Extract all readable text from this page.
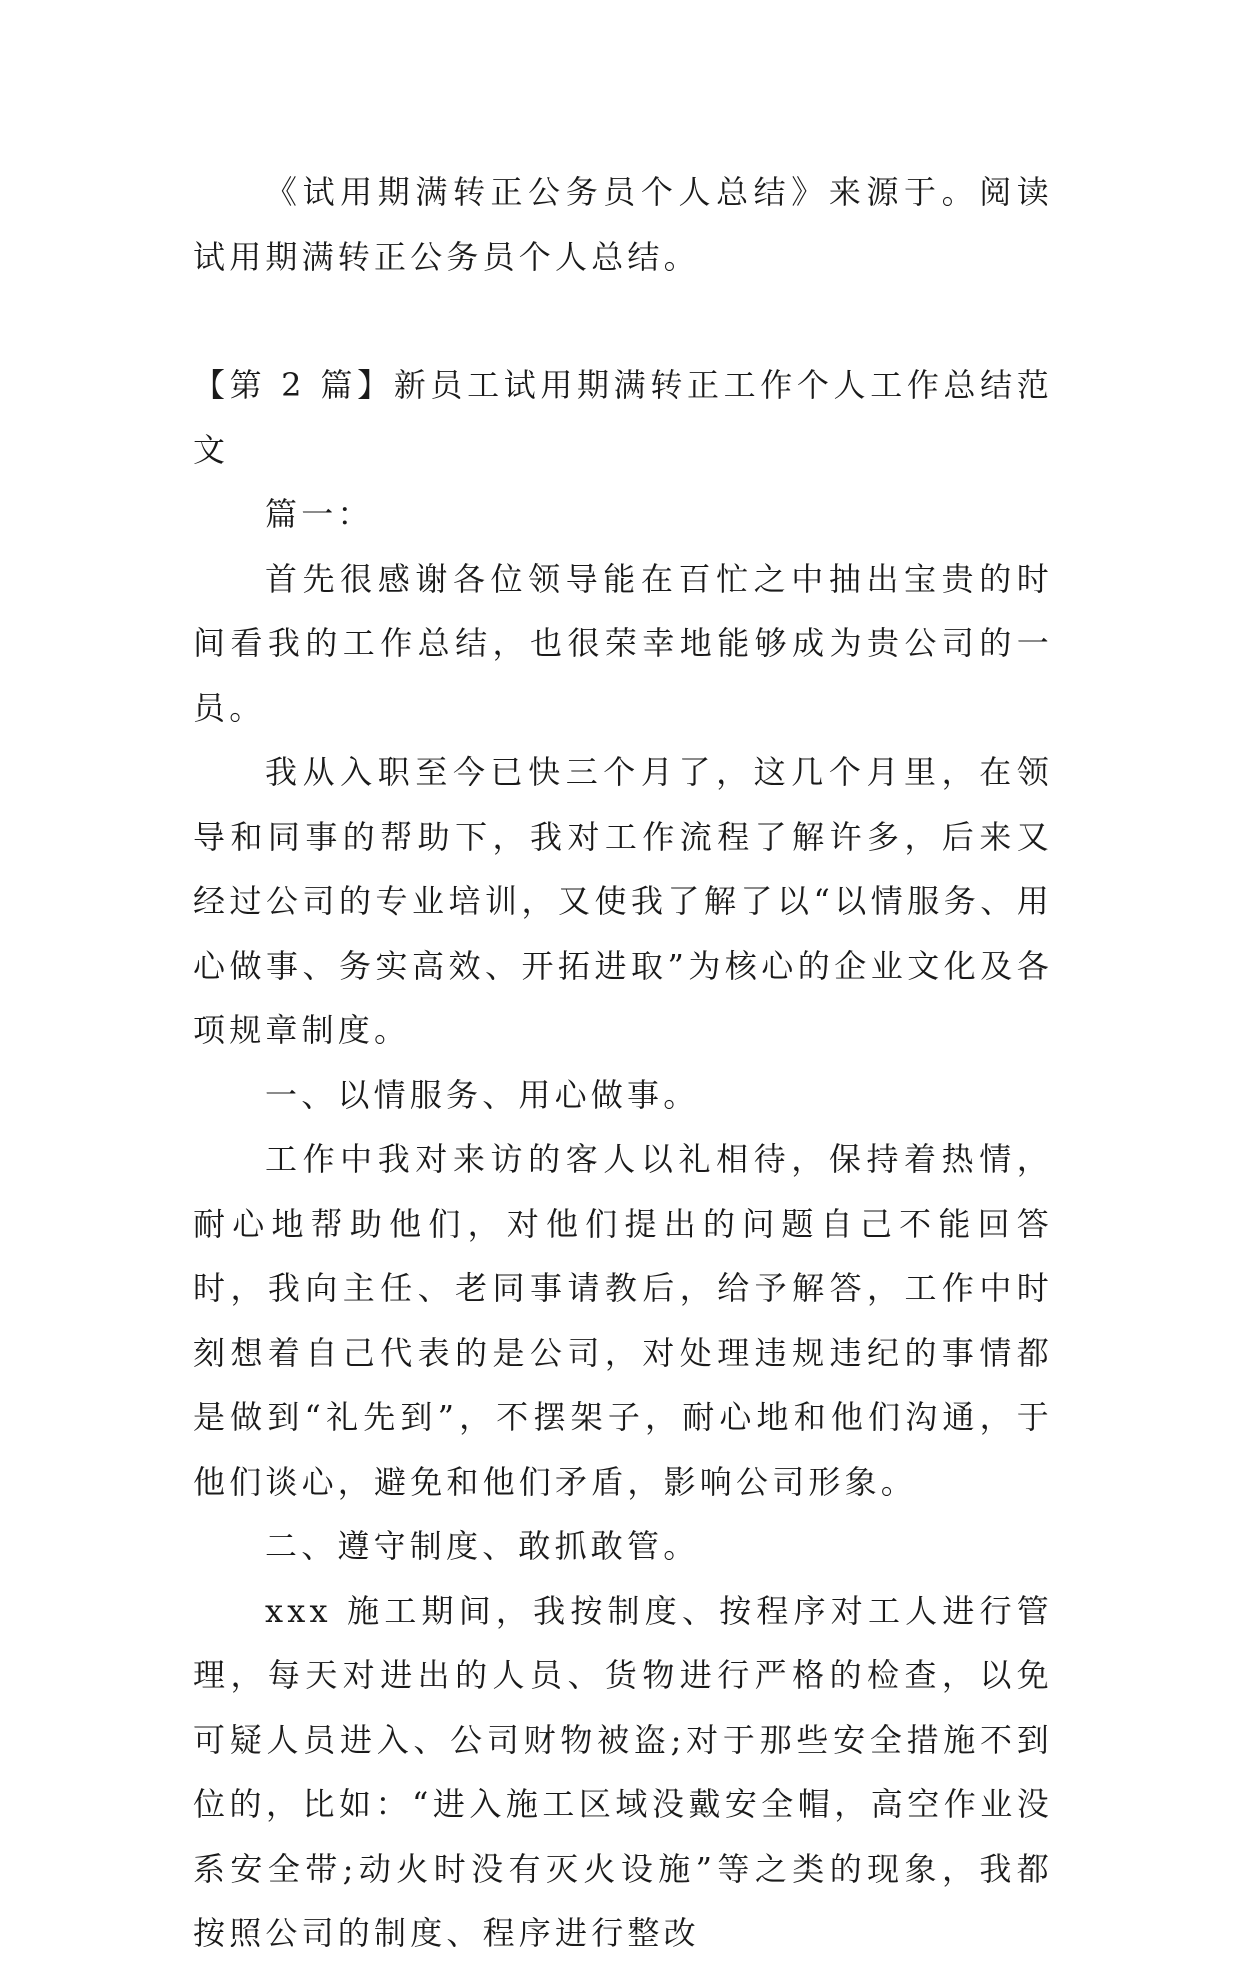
《试用期满转正公务员个人总结》来源于。阅读试用期满转正公务员个人总结。

【第 2 篇】新员工试用期满转正工作个人工作总结范文

篇一：

首先很感谢各位领导能在百忙之中抽出宝贵的时间看我的工作总结，也很荣幸地能够成为贵公司的一员。

我从入职至今已快三个月了，这几个月里，在领导和同事的帮助下，我对工作流程了解许多，后来又经过公司的专业培训，又使我了解了以“以情服务、用心做事、务实高效、开拓进取”为核心的企业文化及各项规章制度。

一、以情服务、用心做事。

工作中我对来访的客人以礼相待，保持着热情，耐心地帮助他们，对他们提出的问题自己不能回答时，我向主任、老同事请教后，给予解答，工作中时刻想着自己代表的是公司，对处理违规违纪的事情都是做到“礼先到”，不摆架子，耐心地和他们沟通，于他们谈心，避免和他们矛盾，影响公司形象。

二、遵守制度、敢抓敢管。

xxx 施工期间，我按制度、按程序对工人进行管理，每天对进出的人员、货物进行严格的检查，以免可疑人员进入、公司财物被盗;对于那些安全措施不到位的，比如：“进入施工区域没戴安全帽，高空作业没系安全带;动火时没有灭火设施”等之类的现象，我都按照公司的制度、程序进行整改
